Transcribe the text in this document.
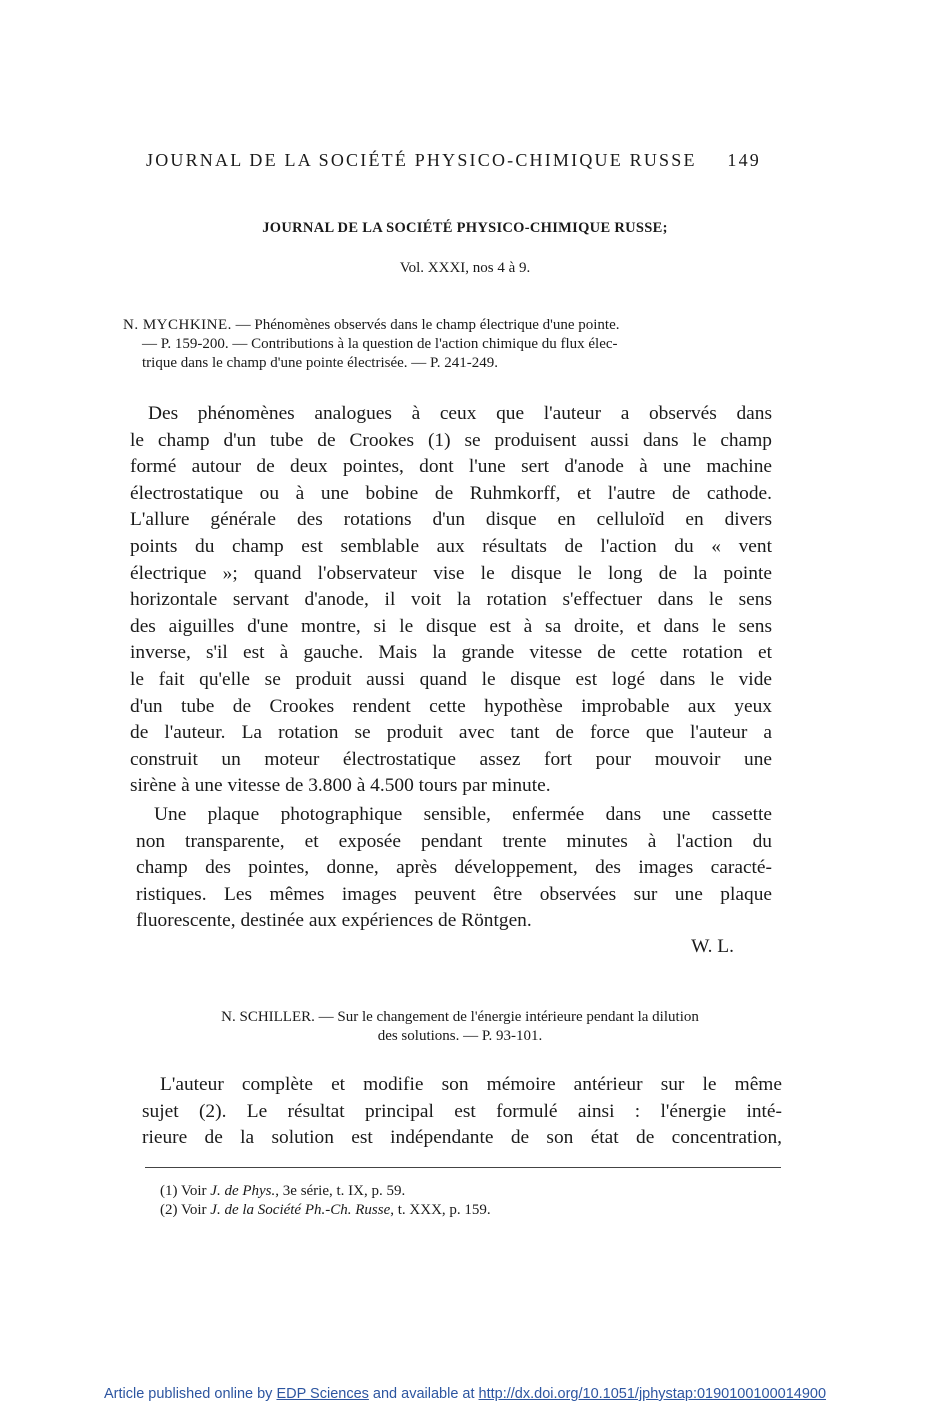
JOURNAL DE LA SOCIÉTÉ PHYSICO-CHIMIQUE RUSSE 149
JOURNAL DE LA SOCIÉTÉ PHYSICO-CHIMIQUE RUSSE;
Vol. XXXI, nos 4 à 9.
N. MYCHKINE. — Phénomènes observés dans le champ électrique d'une pointe.
— P. 159-200. — Contributions à la question de l'action chimique du flux élec-
trique dans le champ d'une pointe électrisée. — P. 241-249.
Des phénomènes analogues à ceux que l'auteur a observés dans
le champ d'un tube de Crookes (1) se produisent aussi dans le champ
formé autour de deux pointes, dont l'une sert d'anode à une machine
électrostatique ou à une bobine de Ruhmkorff, et l'autre de cathode.
L'allure générale des rotations d'un disque en celluloïd en divers
points du champ est semblable aux résultats de l'action du « vent
électrique »; quand l'observateur vise le disque le long de la pointe
horizontale servant d'anode, il voit la rotation s'effectuer dans le sens
des aiguilles d'une montre, si le disque est à sa droite, et dans le sens
inverse, s'il est à gauche. Mais la grande vitesse de cette rotation et
le fait qu'elle se produit aussi quand le disque est logé dans le vide
d'un tube de Crookes rendent cette hypothèse improbable aux yeux
de l'auteur. La rotation se produit avec tant de force que l'auteur a
construit un moteur électrostatique assez fort pour mouvoir une
sirène à une vitesse de 3.800 à 4.500 tours par minute.
Une plaque photographique sensible, enfermée dans une cassette
non transparente, et exposée pendant trente minutes à l'action du
champ des pointes, donne, après développement, des images caracté-
ristiques. Les mêmes images peuvent être observées sur une plaque
fluorescente, destinée aux expériences de Röntgen.
W. L.
N. SCHILLER. — Sur le changement de l'énergie intérieure pendant la dilution
des solutions. — P. 93-101.
L'auteur complète et modifie son mémoire antérieur sur le même
sujet (2). Le résultat principal est formulé ainsi : l'énergie inté-
rieure de la solution est indépendante de son état de concentration,
(1) Voir J. de Phys., 3e série, t. IX, p. 59.
(2) Voir J. de la Société Ph.-Ch. Russe, t. XXX, p. 159.
Article published online by EDP Sciences and available at http://dx.doi.org/10.1051/jphystap:0190100100014900
